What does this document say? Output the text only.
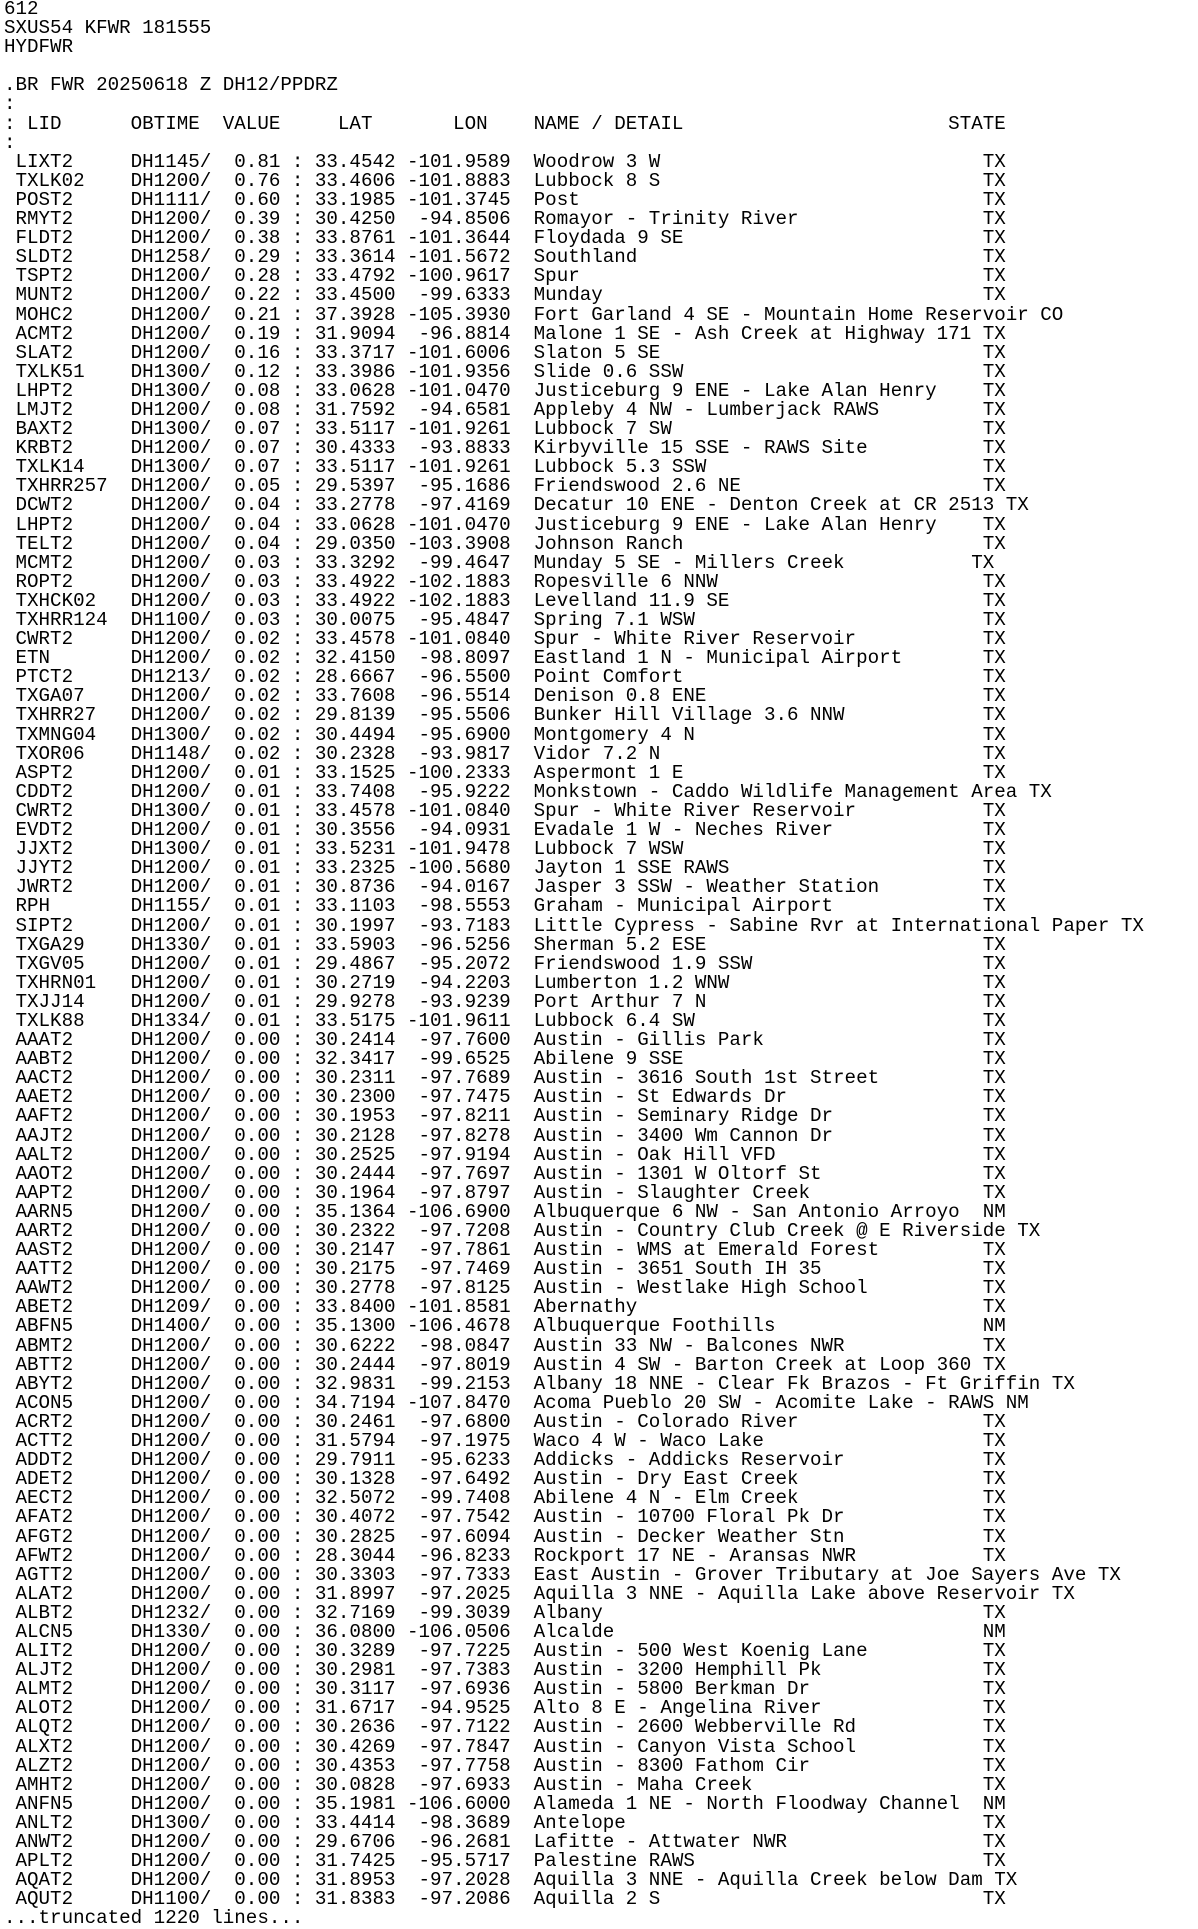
612
SXUS54 KFWR 181555
HYDFWR

.BR FWR 20250618 Z DH12/PPDRZ
:
: LID      OBTIME  VALUE     LAT       LON    NAME / DETAIL                       STATE
:
LIXT2     DH1145/  0.81 : 33.4542 -101.9589  Woodrow 3 W                            TX
TXLK02    DH1200/  0.76 : 33.4606 -101.8883  Lubbock 8 S                            TX
POST2     DH1111/  0.60 : 33.1985 -101.3745  Post                                   TX
RMYT2     DH1200/  0.39 : 30.4250  -94.8506  Romayor - Trinity River                TX
FLDT2     DH1200/  0.38 : 33.8761 -101.3644  Floydada 9 SE                          TX
SLDT2     DH1258/  0.29 : 33.3614 -101.5672  Southland                              TX
TSPT2     DH1200/  0.28 : 33.4792 -100.9617  Spur                                   TX
MUNT2     DH1200/  0.22 : 33.4500  -99.6333  Munday                                 TX
MOHC2     DH1200/  0.21 : 37.3928 -105.3930  Fort Garland 4 SE - Mountain Home Reservoir CO
ACMT2     DH1200/  0.19 : 31.9094  -96.8814  Malone 1 SE - Ash Creek at Highway 171 TX
SLAT2     DH1200/  0.16 : 33.3717 -101.6006  Slaton 5 SE                            TX
TXLK51    DH1300/  0.12 : 33.3986 -101.9356  Slide 0.6 SSW                          TX
LHPT2     DH1300/  0.08 : 33.0628 -101.0470  Justiceburg 9 ENE - Lake Alan Henry    TX
LMJT2     DH1200/  0.08 : 31.7592  -94.6581  Appleby 4 NW - Lumberjack RAWS         TX
BAXT2     DH1300/  0.07 : 33.5117 -101.9261  Lubbock 7 SW                           TX
KRBT2     DH1200/  0.07 : 30.4333  -93.8833  Kirbyville 15 SSE - RAWS Site          TX
TXLK14    DH1300/  0.07 : 33.5117 -101.9261  Lubbock 5.3 SSW                        TX
TXHRR257  DH1200/  0.05 : 29.5397  -95.1686  Friendswood 2.6 NE                     TX
DCWT2     DH1200/  0.04 : 33.2778  -97.4169  Decatur 10 ENE - Denton Creek at CR 2513 TX
LHPT2     DH1200/  0.04 : 33.0628 -101.0470  Justiceburg 9 ENE - Lake Alan Henry    TX
TELT2     DH1200/  0.04 : 29.0350 -103.3908  Johnson Ranch                          TX
MCMT2     DH1200/  0.03 : 33.3292  -99.4647  Munday 5 SE - Millers Creek           TX
ROPT2     DH1200/  0.03 : 33.4922 -102.1883  Ropesville 6 NNW                       TX
TXHCK02   DH1200/  0.03 : 33.4922 -102.1883  Levelland 11.9 SE                      TX
TXHRR124  DH1100/  0.03 : 30.0075  -95.4847  Spring 7.1 WSW                         TX
CWRT2     DH1200/  0.02 : 33.4578 -101.0840  Spur - White River Reservoir           TX
ETN       DH1200/  0.02 : 32.4150  -98.8097  Eastland 1 N - Municipal Airport       TX
PTCT2     DH1213/  0.02 : 28.6667  -96.5500  Point Comfort                          TX
TXGA07    DH1200/  0.02 : 33.7608  -96.5514  Denison 0.8 ENE                        TX
TXHRR27   DH1200/  0.02 : 29.8139  -95.5506  Bunker Hill Village 3.6 NNW            TX
TXMNG04   DH1300/  0.02 : 30.4494  -95.6900  Montgomery 4 N                         TX
TXOR06    DH1148/  0.02 : 30.2328  -93.9817  Vidor 7.2 N                            TX
ASPT2     DH1200/  0.01 : 33.1525 -100.2333  Aspermont 1 E                          TX
CDDT2     DH1200/  0.01 : 33.7408  -95.9222  Monkstown - Caddo Wildlife Management Area TX
CWRT2     DH1300/  0.01 : 33.4578 -101.0840  Spur - White River Reservoir           TX
EVDT2     DH1200/  0.01 : 30.3556  -94.0931  Evadale 1 W - Neches River             TX
JJXT2     DH1300/  0.01 : 33.5231 -101.9478  Lubbock 7 WSW                          TX
JJYT2     DH1200/  0.01 : 33.2325 -100.5680  Jayton 1 SSE RAWS                      TX
JWRT2     DH1200/  0.01 : 30.8736  -94.0167  Jasper 3 SSW - Weather Station         TX
RPH       DH1155/  0.01 : 33.1103  -98.5553  Graham - Municipal Airport             TX
SIPT2     DH1200/  0.01 : 30.1997  -93.7183  Little Cypress - Sabine Rvr at International Paper TX
TXGA29    DH1330/  0.01 : 33.5903  -96.5256  Sherman 5.2 ESE                        TX
TXGV05    DH1200/  0.01 : 29.4867  -95.2072  Friendswood 1.9 SSW                    TX
TXHRN01   DH1200/  0.01 : 30.2719  -94.2203  Lumberton 1.2 WNW                      TX
TXJJ14    DH1200/  0.01 : 29.9278  -93.9239  Port Arthur 7 N                        TX
TXLK88    DH1334/  0.01 : 33.5175 -101.9611  Lubbock 6.4 SW                         TX
AAAT2     DH1200/  0.00 : 30.2414  -97.7600  Austin - Gillis Park                   TX
AABT2     DH1200/  0.00 : 32.3417  -99.6525  Abilene 9 SSE                          TX
AACT2     DH1200/  0.00 : 30.2311  -97.7689  Austin - 3616 South 1st Street         TX
AAET2     DH1200/  0.00 : 30.2300  -97.7475  Austin - St Edwards Dr                 TX
AAFT2     DH1200/  0.00 : 30.1953  -97.8211  Austin - Seminary Ridge Dr             TX
AAJT2     DH1200/  0.00 : 30.2128  -97.8278  Austin - 3400 Wm Cannon Dr             TX
AALT2     DH1200/  0.00 : 30.2525  -97.9194  Austin - Oak Hill VFD                  TX
AAOT2     DH1200/  0.00 : 30.2444  -97.7697  Austin - 1301 W Oltorf St              TX
AAPT2     DH1200/  0.00 : 30.1964  -97.8797  Austin - Slaughter Creek               TX
AARN5     DH1200/  0.00 : 35.1364 -106.6900  Albuquerque 6 NW - San Antonio Arroyo  NM
AART2     DH1200/  0.00 : 30.2322  -97.7208  Austin - Country Club Creek @ E Riverside TX
AAST2     DH1200/  0.00 : 30.2147  -97.7861  Austin - WMS at Emerald Forest         TX
AATT2     DH1200/  0.00 : 30.2175  -97.7469  Austin - 3651 South IH 35              TX
AAWT2     DH1200/  0.00 : 30.2778  -97.8125  Austin - Westlake High School          TX
ABET2     DH1209/  0.00 : 33.8400 -101.8581  Abernathy                              TX
ABFN5     DH1400/  0.00 : 35.1300 -106.4678  Albuquerque Foothills                  NM
ABMT2     DH1200/  0.00 : 30.6222  -98.0847  Austin 33 NW - Balcones NWR            TX
ABTT2     DH1200/  0.00 : 30.2444  -97.8019  Austin 4 SW - Barton Creek at Loop 360 TX
ABYT2     DH1200/  0.00 : 32.9831  -99.2153  Albany 18 NNE - Clear Fk Brazos - Ft Griffin TX
ACON5     DH1200/  0.00 : 34.7194 -107.8470  Acoma Pueblo 20 SW - Acomite Lake - RAWS NM
ACRT2     DH1200/  0.00 : 30.2461  -97.6800  Austin - Colorado River                TX
ACTT2     DH1200/  0.00 : 31.5794  -97.1975  Waco 4 W - Waco Lake                   TX
ADDT2     DH1200/  0.00 : 29.7911  -95.6233  Addicks - Addicks Reservoir            TX
ADET2     DH1200/  0.00 : 30.1328  -97.6492  Austin - Dry East Creek                TX
AECT2     DH1200/  0.00 : 32.5072  -99.7408  Abilene 4 N - Elm Creek                TX
AFAT2     DH1200/  0.00 : 30.4072  -97.7542  Austin - 10700 Floral Pk Dr            TX
AFGT2     DH1200/  0.00 : 30.2825  -97.6094  Austin - Decker Weather Stn            TX
AFWT2     DH1200/  0.00 : 28.3044  -96.8233  Rockport 17 NE - Aransas NWR           TX
AGTT2     DH1200/  0.00 : 30.3303  -97.7333  East Austin - Grover Tributary at Joe Sayers Ave TX
ALAT2     DH1200/  0.00 : 31.8997  -97.2025  Aquilla 3 NNE - Aquilla Lake above Reservoir TX
ALBT2     DH1232/  0.00 : 32.7169  -99.3039  Albany                                 TX
ALCN5     DH1330/  0.00 : 36.0800 -106.0506  Alcalde                                NM
ALIT2     DH1200/  0.00 : 30.3289  -97.7225  Austin - 500 West Koenig Lane          TX
ALJT2     DH1200/  0.00 : 30.2981  -97.7383  Austin - 3200 Hemphill Pk              TX
ALMT2     DH1200/  0.00 : 30.3117  -97.6936  Austin - 5800 Berkman Dr               TX
ALOT2     DH1200/  0.00 : 31.6717  -94.9525  Alto 8 E - Angelina River              TX
ALQT2     DH1200/  0.00 : 30.2636  -97.7122  Austin - 2600 Webberville Rd           TX
ALXT2     DH1200/  0.00 : 30.4269  -97.7847  Austin - Canyon Vista School           TX
ALZT2     DH1200/  0.00 : 30.4353  -97.7758  Austin - 8300 Fathom Cir               TX
AMHT2     DH1200/  0.00 : 30.0828  -97.6933  Austin - Maha Creek                    TX
ANFN5     DH1200/  0.00 : 35.1981 -106.6000  Alameda 1 NE - North Floodway Channel  NM
ANLT2     DH1300/  0.00 : 33.4414  -98.3689  Antelope                               TX
ANWT2     DH1200/  0.00 : 29.6706  -96.2681  Lafitte - Attwater NWR                 TX
APLT2     DH1200/  0.00 : 31.7425  -95.5717  Palestine RAWS                         TX
AQAT2     DH1200/  0.00 : 31.8953  -97.2028  Aquilla 3 NNE - Aquilla Creek below Dam TX
AQUT2     DH1100/  0.00 : 31.8383  -97.2086  Aquilla 2 S                            TX
...truncated 1220 lines...
